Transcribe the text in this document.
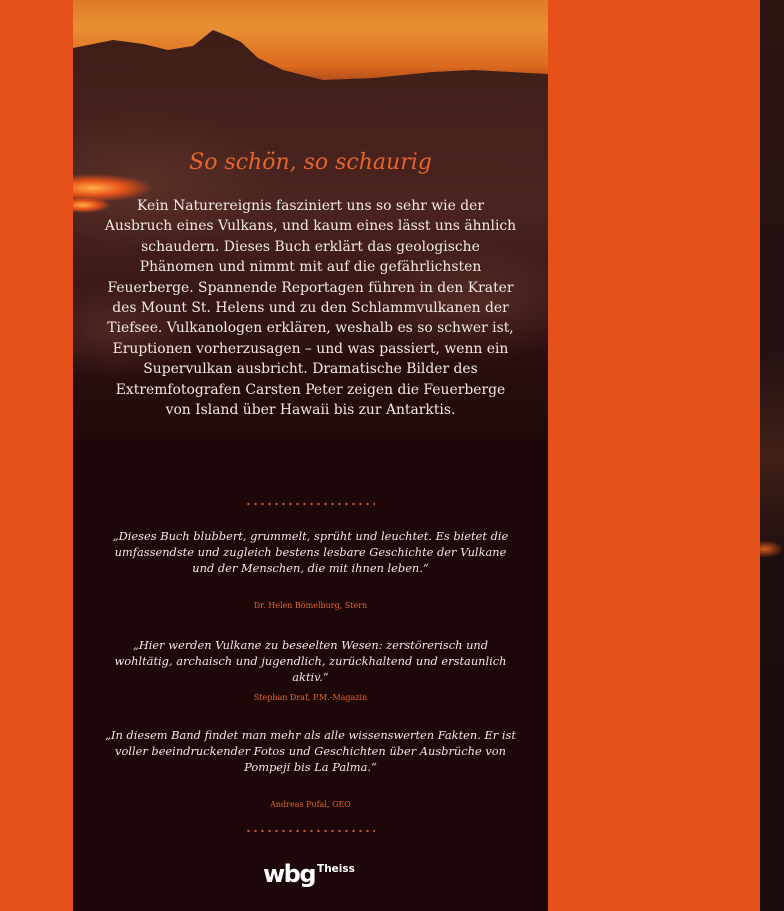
So schön, so schaurig
Kein Naturereignis fasziniert uns so sehr wie der Ausbruch eines Vulkans, und kaum eines lässt uns ähnlich schaudern. Dieses Buch erklärt das geologische Phänomen und nimmt mit auf die gefährlichsten Feuerberge. Spannende Reportagen führen in den Krater des Mount St. Helens und zu den Schlammvulkanen der Tiefsee. Vulkanologen erklären, weshalb es so schwer ist, Eruptionen vorherzusagen – und was passiert, wenn ein Supervulkan ausbricht. Dramatische Bilder des Extremfotografen Carsten Peter zeigen die Feuerberge von Island über Hawaii bis zur Antarktis.
„Dieses Buch blubbert, grummelt, sprüht und leuchtet. Es bietet die umfassendste und zugleich bestens lesbare Geschichte der Vulkane und der Menschen, die mit ihnen leben.“
Dr. Helen Bömelburg, Stern
„Hier werden Vulkane zu beseelten Wesen: zerstörerisch und wohltätig, archaisch und jugendlich, zurückhaltend und erstaunlich aktiv.“
Stephan Draf, P.M.-Magazin
„In diesem Band findet man mehr als alle wissenswerten Fakten. Er ist voller beeindruckender Fotos und Geschichten über Ausbrüche von Pompeji bis La Palma.“
Andreas Pufal, GEO
wbg $^{Theiss}$
